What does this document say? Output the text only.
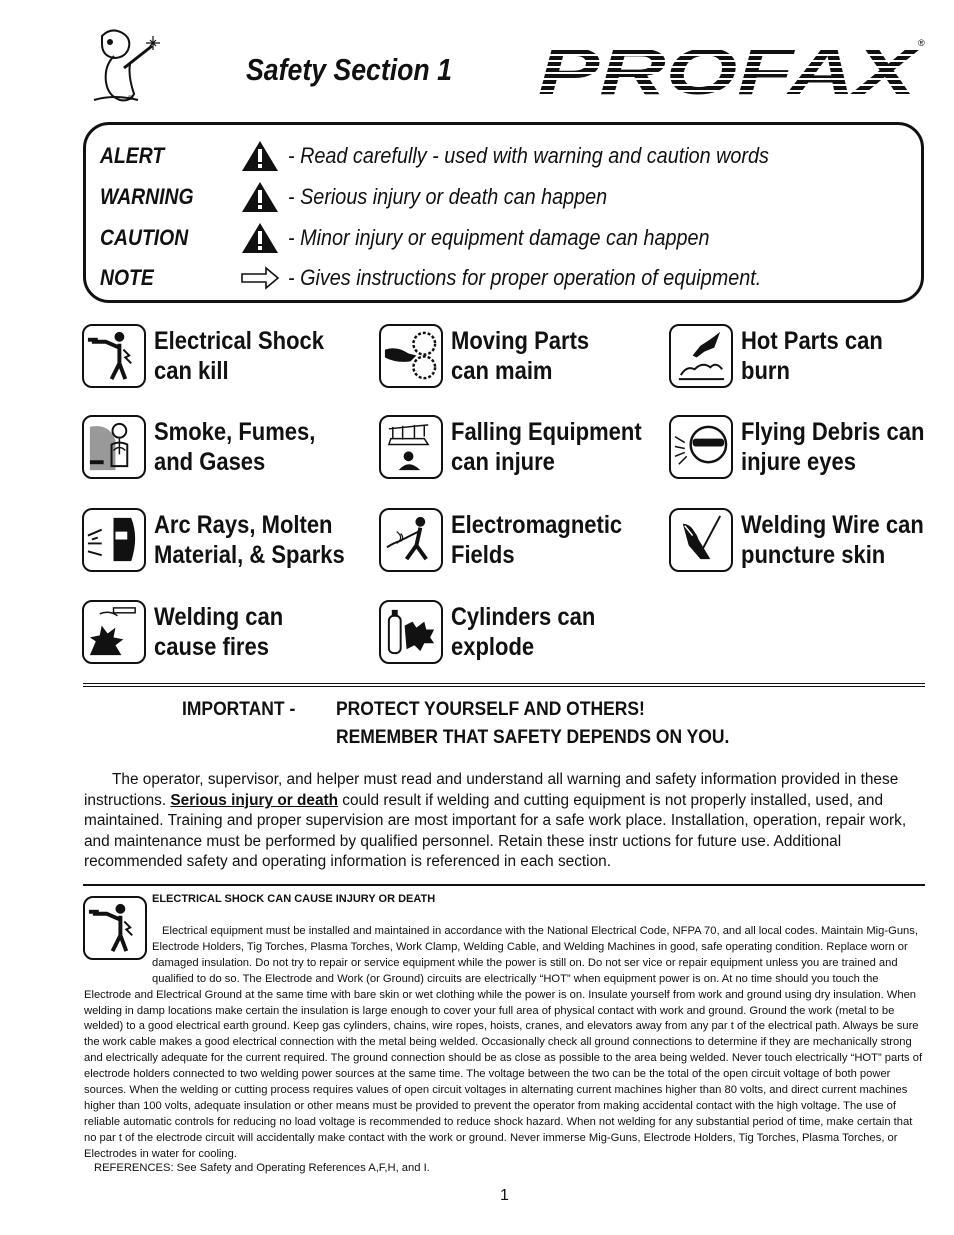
®
Safety Section 1 PROFAX
®
ALERT	- Read carefully - used with warning and caution words
WARNING	- Serious injury or death can happen
CAUTION	- Minor injury or equipment damage can happen
NOTE	- Gives instructions for proper operation of equipment.
Electrical Shock
can kill
Moving Parts
can maim
Hot Parts can
burn
Smoke, Fumes,
and Gases
Falling Equipment
can injure
Flying Debris can
injure eyes
Arc Rays, Molten
Material, & Sparks
Electromagnetic
Fields
Welding Wire can
puncture skin
Welding can
cause fires
Cylinders can
explode
IMPORTANT - PROTECT YOURSELF AND OTHERS!
REMEMBER THAT SAFETY DEPENDS ON YOU.
The operator, supervisor, and helper must read and understand all warning and safety information provided in these instructions. Serious injury or death could result if welding and cutting equipment is not properly installed, used, and maintained. Training and proper supervision are most important for a safe work place. Installation, operation, repair work, and maintenance must be performed by qualified personnel. Retain these instr uctions for future use. Additional recommended safety and operating information is referenced in each section.
ELECTRICAL SHOCK CAN CAUSE INJURY OR DEATH
Electrical equipment must be installed and maintained in accordance with the National Electrical Code, NFPA 70, and all local codes. Maintain Mig-Guns, Electrode Holders, Tig Torches, Plasma Torches, Work Clamp, Welding Cable, and Welding Machines in good, safe operating condition. Replace worn or damaged insulation. Do not try to repair or service equipment while the power is still on. Do not ser vice or repair equipment unless you are trained and qualified to do so. The Electrode and Work (or Ground) circuits are electrically “HOT” when equipment power is on. At no time should you touch the Electrode and Electrical Ground at the same time with bare skin or wet clothing while the power is on. Insulate yourself from work and ground using dry insulation. When welding in damp locations make certain the insulation is large enough to cover your full area of physical contact with work and ground. Ground the work (metal to be welded) to a good electrical earth ground. Keep gas cylinders, chains, wire ropes, hoists, cranes, and elevators away from any par t of the electrical path. Always be sure the work cable makes a good electrical connection with the metal being welded. Occasionally check all ground connections to determine if they are mechanically strong and electrically adequate for the current required. The ground connection should be as close as possible to the area being welded. Never touch electrically “HOT” parts of electrode holders connected to two welding power sources at the same time. The voltage between the two can be the total of the open circuit voltage of both power sources. When the welding or cutting process requires values of open circuit voltages in alternating current machines higher than 80 volts, and direct current machines higher than 100 volts, adequate insulation or other means must be provided to prevent the operator from making accidental contact with the high voltage. The use of reliable automatic controls for reducing no load voltage is recommended to reduce shock hazard. When not welding for any substantial period of time, make certain that no par t of the electrode circuit will accidentally make contact with the work or ground. Never immerse Mig-Guns, Electrode Holders, Tig Torches, Plasma Torches, or Electrodes in water for cooling.
REFERENCES: See Safety and Operating References A,F,H, and I.
1
